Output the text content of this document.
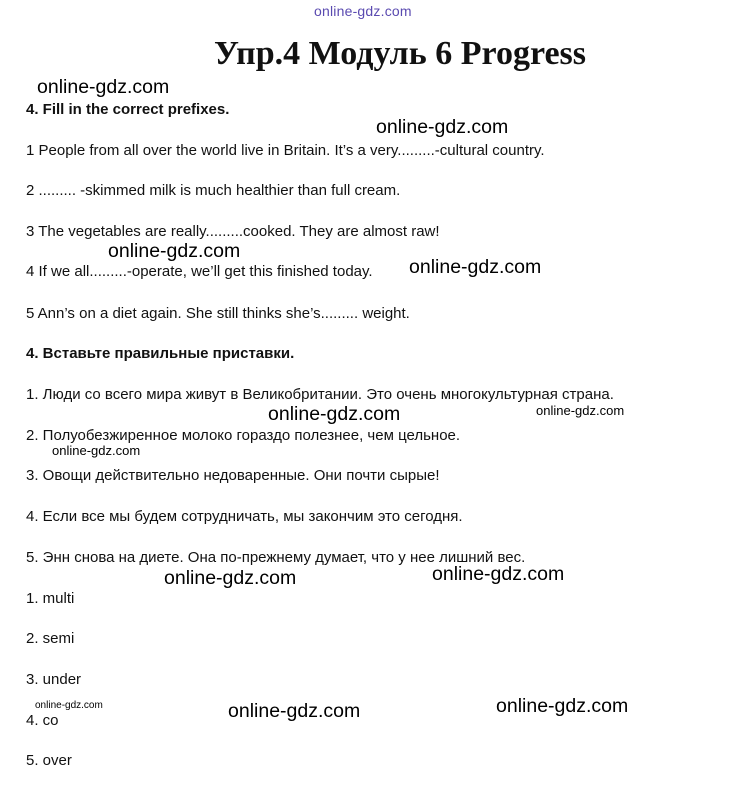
online-gdz.com
Упр.4 Модуль 6 Progress
online-gdz.com
4. Fill in the correct prefixes.
online-gdz.com
1 People from all over the world live in Britain. It’s a very.........-cultural country.
2 ......... -skimmed milk is much healthier than full cream.
3 The vegetables are really.........cooked. They are almost raw!
online-gdz.com
4 If we all.........-operate, we’ll get this finished today. online-gdz.com
5 Ann’s on a diet again. She still thinks she’s......... weight.
4. Вставьте правильные приставки.
1. Люди со всего мира живут в Великобритании. Это очень многокультурная страна.
online-gdz.com
online-gdz.com
2. Полуобезжиренное молоко гораздо полезнее, чем цельное.
online-gdz.com
3. Овощи действительно недоваренные. Они почти сырые!
4. Если все мы будем сотрудничать, мы закончим это сегодня.
5. Энн снова на диете. Она по-прежнему думает, что у нее лишний вес.
online-gdz.com	online-gdz.com
1. multi
2. semi
3. under
online-gdz.com	online-gdz.com	online-gdz.com
4. co
5. over
